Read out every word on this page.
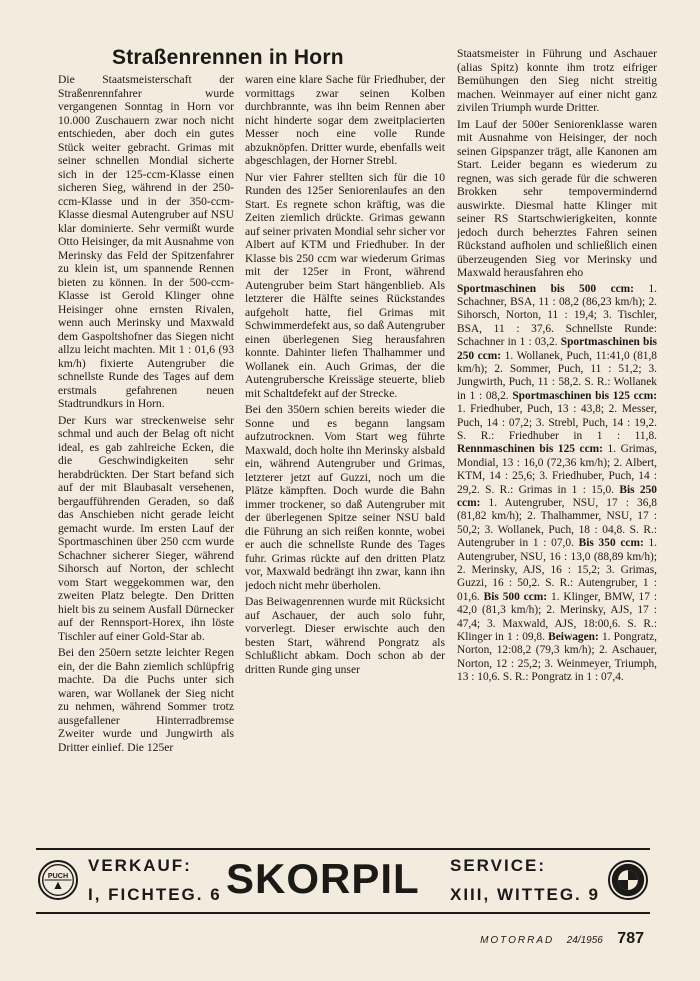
Straßenrennen in Horn

Die Staatsmeisterschaft der Straßenrennfahrer wurde vergangenen Sonntag in Horn vor 10.000 Zuschauern zwar noch nicht entschieden, aber doch ein gutes Stück weiter gebracht. Grimas mit seiner schnellen Mondial sicherte sich in der 125-ccm-Klasse einen sicheren Sieg, während in der 250-ccm-Klasse und in der 350-ccm-Klasse diesmal Autengruber auf NSU klar dominierte. Sehr vermißt wurde Otto Heisinger, da mit Ausnahme von Merinsky das Feld der Spitzenfahrer zu klein ist, um spannende Rennen bieten zu können. In der 500-ccm-Klasse ist Gerold Klinger ohne Heisinger ohne ernsten Rivalen, wenn auch Merinsky und Maxwald dem Gaspoltshofner das Siegen nicht allzu leicht machten. Mit 1 : 01,6 (93 km/h) fixierte Autengruber die schnellste Runde des Tages auf dem erstmals gefahrenen neuen Stadtrundkurs in Horn.

Der Kurs war streckenweise sehr schmal und auch der Belag oft nicht ideal, es gab zahlreiche Ecken, die die Geschwindigkeiten sehr herabdrückten. Der Start befand sich auf der mit Blaubasalt versehenen, bergaufführenden Geraden, so daß das Anschieben nicht gerade leicht gemacht wurde. Im ersten Lauf der Sportmaschinen über 250 ccm wurde Schachner sicherer Sieger, während Sihorsch auf Norton, der schlecht vom Start weggekommen war, den zweiten Platz belegte. Den Dritten hielt bis zu seinem Ausfall Dürnecker auf der Rennsport-Horex, ihn löste Tischler auf einer Gold-Star ab.

Bei den 250ern setzte leichter Regen ein, der die Bahn ziemlich schlüpfrig machte. Da die Puchs unter sich waren, war Wollanek der Sieg nicht zu nehmen, während Sommer trotz ausgefallener Hinterradbremse Zweiter wurde und Jungwirth als Dritter einlief. Die 125er

waren eine klare Sache für Friedhuber, der vormittags zwar seinen Kolben durchbrannte, was ihn beim Rennen aber nicht hinderte sogar dem zweitplacierten Messer noch eine volle Runde abzuknöpfen. Dritter wurde, ebenfalls weit abgeschlagen, der Horner Strebl.

Nur vier Fahrer stellten sich für die 10 Runden des 125er Seniorenlaufes an den Start. Es regnete schon kräftig, was die Zeiten ziemlich drückte. Grimas gewann auf seiner privaten Mondial sehr sicher vor Albert auf KTM und Friedhuber. In der Klasse bis 250 ccm war wiederum Grimas mit der 125er in Front, während Autengruber beim Start hängenblieb. Als letzterer die Hälfte seines Rückstandes aufgeholt hatte, fiel Grimas mit Schwimmerdefekt aus, so daß Autengruber einen überlegenen Sieg herausfahren konnte. Dahinter liefen Thalhammer und Wollanek ein. Auch Grimas, der die Autengrubersche Kreissäge steuerte, blieb mit Schaltdefekt auf der Strecke.

Bei den 350ern schien bereits wieder die Sonne und es begann langsam aufzutrocknen. Vom Start weg führte Maxwald, doch holte ihn Merinsky alsbald ein, während Autengruber und Grimas, letzterer jetzt auf Guzzi, noch um die Plätze kämpften. Doch wurde die Bahn immer trockener, so daß Autengruber mit der überlegenen Spitze seiner NSU bald die Führung an sich reißen konnte, wobei er auch die schnellste Runde des Tages fuhr. Grimas rückte auf den dritten Platz vor, Maxwald bedrängt ihn zwar, kann ihn jedoch nicht mehr überholen.

Das Beiwagenrennen wurde mit Rücksicht auf Aschauer, der auch solo fuhr, vorverlegt. Dieser erwischte auch den besten Start, während Pongratz als Schlußlicht abkam. Doch schon ab der dritten Runde ging unser

Staatsmeister in Führung und Aschauer (alias Spitz) konnte ihm trotz eifriger Bemühungen den Sieg nicht streitig machen. Weinmayer auf einer nicht ganz zivilen Triumph wurde Dritter.

Im Lauf der 500er Seniorenklasse waren mit Ausnahme von Heisinger, der noch seinen Gipspanzer trägt, alle Kanonen am Start. Leider begann es wiederum zu regnen, was sich gerade für die schweren Brokken sehr tempovermindernd auswirkte. Diesmal hatte Klinger mit seiner RS Startschwierigkeiten, konnte jedoch durch beherztes Fahren seinen Rückstand aufholen und schließlich einen überzeugenden Sieg vor Merinsky und Maxwald herausfahren eho

Sportmaschinen bis 500 ccm: 1. Schachner, BSA, 11 : 08,2 (86,23 km/h); 2. Sihorsch, Norton, 11 : 19,4; 3. Tischler, BSA, 11 : 37,6. Schnellste Runde: Schachner in 1 : 03,2. Sportmaschinen bis 250 ccm: 1. Wollanek, Puch, 11:41,0 (81,8 km/h); 2. Sommer, Puch, 11 : 51,2; 3. Jungwirth, Puch, 11 : 58,2. S. R.: Wollanek in 1 : 08,2. Sportmaschinen bis 125 ccm: 1. Friedhuber, Puch, 13 : 43,8; 2. Messer, Puch, 14 : 07,2; 3. Strebl, Puch, 14 : 19,2. S. R.: Friedhuber in 1 : 11,8. Rennmaschinen bis 125 ccm: 1. Grimas, Mondial, 13 : 16,0 (72,36 km/h); 2. Albert, KTM, 14 : 25,6; 3. Friedhuber, Puch, 14 : 29,2. S. R.: Grimas in 1 : 15,0. Bis 250 ccm: 1. Autengruber, NSU, 17 : 36,8 (81,82 km/h); 2. Thalhammer, NSU, 17 : 50,2; 3. Wollanek, Puch, 18 : 04,8. S. R.: Autengruber in 1 : 07,0. Bis 350 ccm: 1. Autengruber, NSU, 16 : 13,0 (88,89 km/h); 2. Merinsky, AJS, 16 : 15,2; 3. Grimas, Guzzi, 16 : 50,2. S. R.: Autengruber, 1 : 01,6. Bis 500 ccm: 1. Klinger, BMW, 17 : 42,0 (81,3 km/h); 2. Merinsky, AJS, 17 : 47,4; 3. Maxwald, AJS, 18:00,6. S. R.: Klinger in 1 : 09,8. Beiwagen: 1. Pongratz, Norton, 12:08,2 (79,3 km/h); 2. Aschauer, Norton, 12 : 25,2; 3. Weinmeyer, Triumph, 13 : 10,6. S. R.: Pongratz in 1 : 07,4.

PUCH
VERKAUF:
I, FICHTEG. 6 SKORPIL SERVICE:
XIII, WITTEG. 9
MOTORRAD 24/1956 787
